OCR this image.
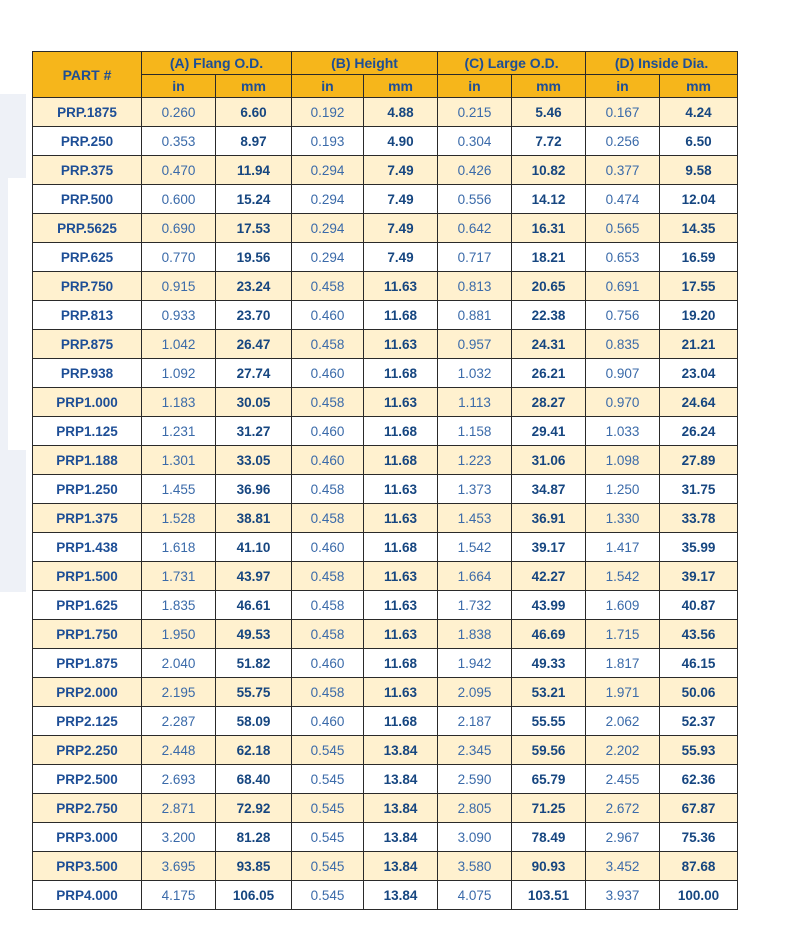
PART #	(A) Flang O.D.		(B) Height		(C) Large O.D.		(D) Inside Dia.	
	in	mm	in	mm	in	mm	in	mm
PRP.1875	0.260	6.60	0.192	4.88	0.215	5.46	0.167	4.24
PRP.250	0.353	8.97	0.193	4.90	0.304	7.72	0.256	6.50
PRP.375	0.470	11.94	0.294	7.49	0.426	10.82	0.377	9.58
PRP.500	0.600	15.24	0.294	7.49	0.556	14.12	0.474	12.04
PRP.5625	0.690	17.53	0.294	7.49	0.642	16.31	0.565	14.35
PRP.625	0.770	19.56	0.294	7.49	0.717	18.21	0.653	16.59
PRP.750	0.915	23.24	0.458	11.63	0.813	20.65	0.691	17.55
PRP.813	0.933	23.70	0.460	11.68	0.881	22.38	0.756	19.20
PRP.875	1.042	26.47	0.458	11.63	0.957	24.31	0.835	21.21
PRP.938	1.092	27.74	0.460	11.68	1.032	26.21	0.907	23.04
PRP1.000	1.183	30.05	0.458	11.63	1.113	28.27	0.970	24.64
PRP1.125	1.231	31.27	0.460	11.68	1.158	29.41	1.033	26.24
PRP1.188	1.301	33.05	0.460	11.68	1.223	31.06	1.098	27.89
PRP1.250	1.455	36.96	0.458	11.63	1.373	34.87	1.250	31.75
PRP1.375	1.528	38.81	0.458	11.63	1.453	36.91	1.330	33.78
PRP1.438	1.618	41.10	0.460	11.68	1.542	39.17	1.417	35.99
PRP1.500	1.731	43.97	0.458	11.63	1.664	42.27	1.542	39.17
PRP1.625	1.835	46.61	0.458	11.63	1.732	43.99	1.609	40.87
PRP1.750	1.950	49.53	0.458	11.63	1.838	46.69	1.715	43.56
PRP1.875	2.040	51.82	0.460	11.68	1.942	49.33	1.817	46.15
PRP2.000	2.195	55.75	0.458	11.63	2.095	53.21	1.971	50.06
PRP2.125	2.287	58.09	0.460	11.68	2.187	55.55	2.062	52.37
PRP2.250	2.448	62.18	0.545	13.84	2.345	59.56	2.202	55.93
PRP2.500	2.693	68.40	0.545	13.84	2.590	65.79	2.455	62.36
PRP2.750	2.871	72.92	0.545	13.84	2.805	71.25	2.672	67.87
PRP3.000	3.200	81.28	0.545	13.84	3.090	78.49	2.967	75.36
PRP3.500	3.695	93.85	0.545	13.84	3.580	90.93	3.452	87.68
PRP4.000	4.175	106.05	0.545	13.84	4.075	103.51	3.937	100.00
